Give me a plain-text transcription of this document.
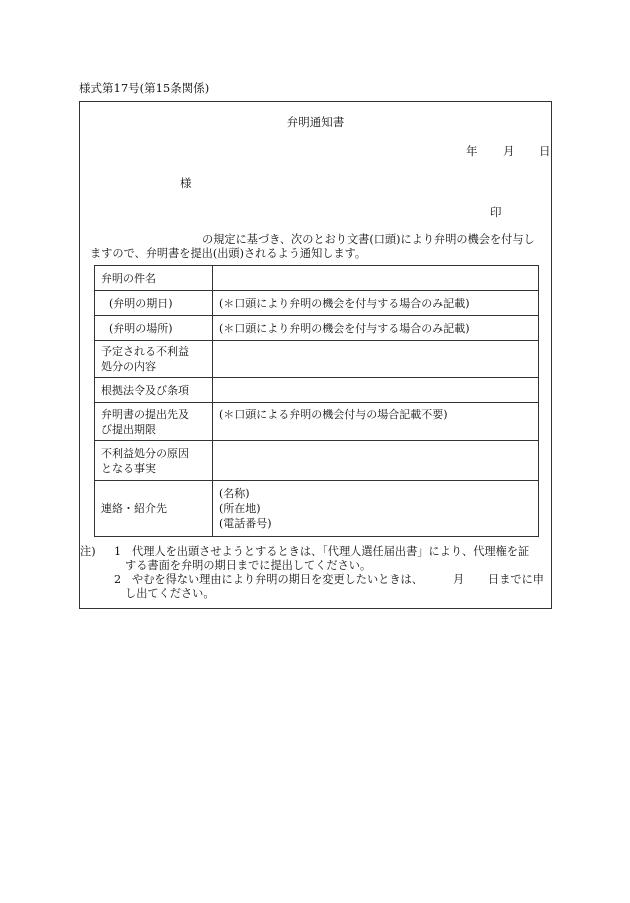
様式第17号(第15条関係)
弁明通知書
年 月 日
様
印
の規定に基づき、次のとおり文書(口頭)により弁明の機会を付与し
ますので、弁明書を提出(出頭)されるよう通知します。
弁明の件名	
(弁明の期日)	(＊口頭により弁明の機会を付与する場合のみ記載)
(弁明の場所)	(＊口頭により弁明の機会を付与する場合のみ記載)
予定される不利益
処分の内容	
根拠法令及び条項	
弁明書の提出先及
び提出期限	(＊口頭による弁明の機会付与の場合記載不要)
不利益処分の原因
となる事実	
連絡・紹介先	(名称)
(所在地)
(電話番号)
注) 1 代理人を出頭させようとするときは、「代理人選任届出書」により、代理権を証
する書面を弁明の期日までに提出してください。
2 やむを得ない理由により弁明の期日を変更したいときは、	月 日までに申
し出てください。
